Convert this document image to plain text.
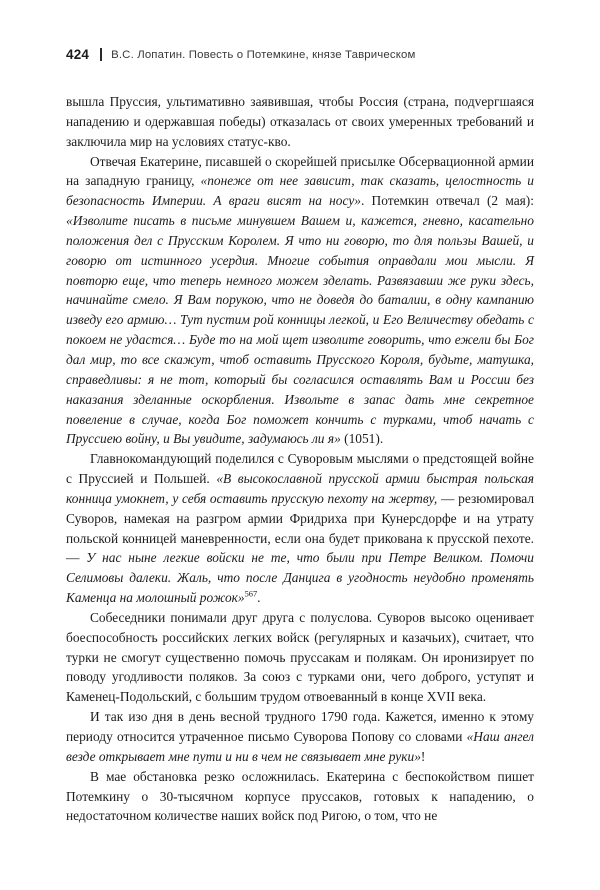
424 В.С. Лопатин. Повесть о Потемкине, князе Таврическом

вышла Пруссия, ультимативно заявившая, чтобы Россия (страна, подvергшаяся нападению и одержавшая победы) отказалась от своих умеренных требований и заключила мир на условиях статус-кво.

Отвечая Екатерине, писавшей о скорейшей присылке Обсервационной армии на западную границу, «понеже от нее зависит, так сказать, целостность и безопасность Империи. А враги висят на носу». Потемкин отвечал (2 мая): «Изволите писать в письме минувшем Вашем и, кажется, гневно, касательно положения дел с Прусским Королем. Я что ни говорю, то для пользы Вашей, и говорю от истинного усердия. Многие события оправдали мои мысли. Я повторю еще, что теперь немного можем зделать. Развязавши же руки здесь, начинайте смело. Я Вам порукою, что не доведя до баталии, в одну кампанию изведу его армию… Тут пустим рой конницы легкой, и Его Величеству обедать с покоем не удастся… Буде то на мой щет изволите говорить, что ежели бы Бог дал мир, то все скажут, чтоб оставить Прусского Короля, будьте, матушка, справедливы: я не тот, который бы согласился оставлять Вам и России без наказания зделанные оскорбления. Извольте в запас дать мне секретное повеление в случае, когда Бог поможет кончить с турками, чтоб начать с Пруссиею войну, и Вы увидите, задумаюсь ли я» (1051).

Главнокомандующий поделился с Суворовым мыслями о предстоящей войне с Пруссией и Польшей. «В высокославной прусской армии быстрая польская конница умокнет, у себя оставить прусскую пехоту на жертву, — резюмировал Суворов, намекая на разгром армии Фридриха при Кунерсдорфе и на утрату польской конницей маневренности, если она будет прикована к прусской пехоте. — У нас ныне легкие войски не те, что были при Петре Великом. Помочи Селимовы далеки. Жаль, что после Данцига в угодность неудобно променять Каменца на молошный рожок»$^{567}$.

Собеседники понимали друг друга с полуслова. Суворов высоко оценивает боеспособность российских легких войск (регулярных и казачьих), считает, что турки не смогут существенно помочь пруссакам и полякам. Он иронизирует по поводу угодливости поляков. За союз с турками они, чего доброго, уступят и Каменец-Подольский, с большим трудом отвоеванный в конце XVII века.

И так изо дня в день весной трудного 1790 года. Кажется, именно к этому периоду относится утраченное письмо Суворова Попову со словами «Наш ангел везде открывает мне пути и ни в чем не связывает мне руки»!

В мае обстановка резко осложнилась. Екатерина с беспокойством пишет Потемкину о 30-тысячном корпусе пруссаков, готовых к нападению, о недостаточном количестве наших войск под Ригою, о том, что не
